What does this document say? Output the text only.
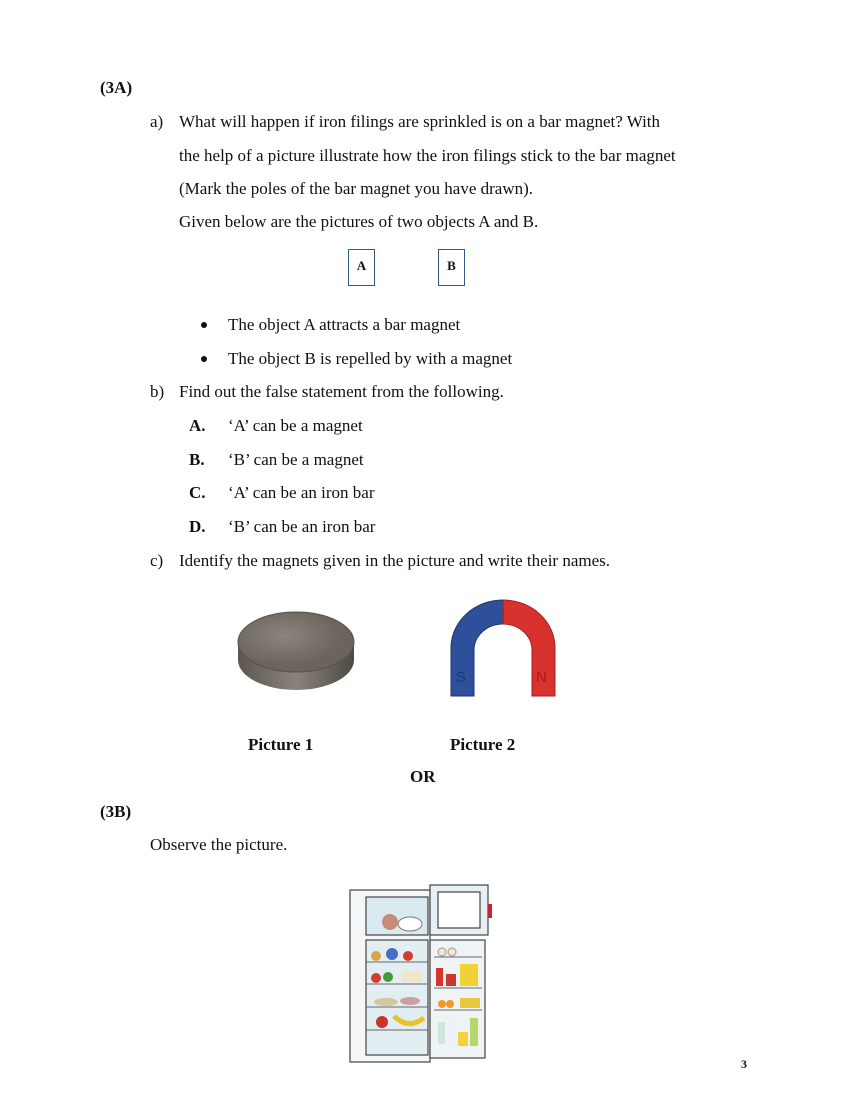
(3A)
a) What will happen if iron filings are sprinkled is on a bar magnet? With
the help of a picture illustrate how the iron filings stick to the bar magnet
(Mark the poles of the bar magnet you have drawn).
Given below are the pictures of two objects A and B.
A	B
The object A attracts a bar magnet
The object B is repelled by with a magnet
b) Find out the false statement from the following.
A. ‘A’ can be a magnet
B. ‘B’ can be a magnet
C. ‘A’ can be an iron bar
D. ‘B’ can be an iron bar
c) Identify the magnets given in the picture and write their names.
S	N
Picture 1	Picture 2
OR
(3B)
Observe the picture.
3
